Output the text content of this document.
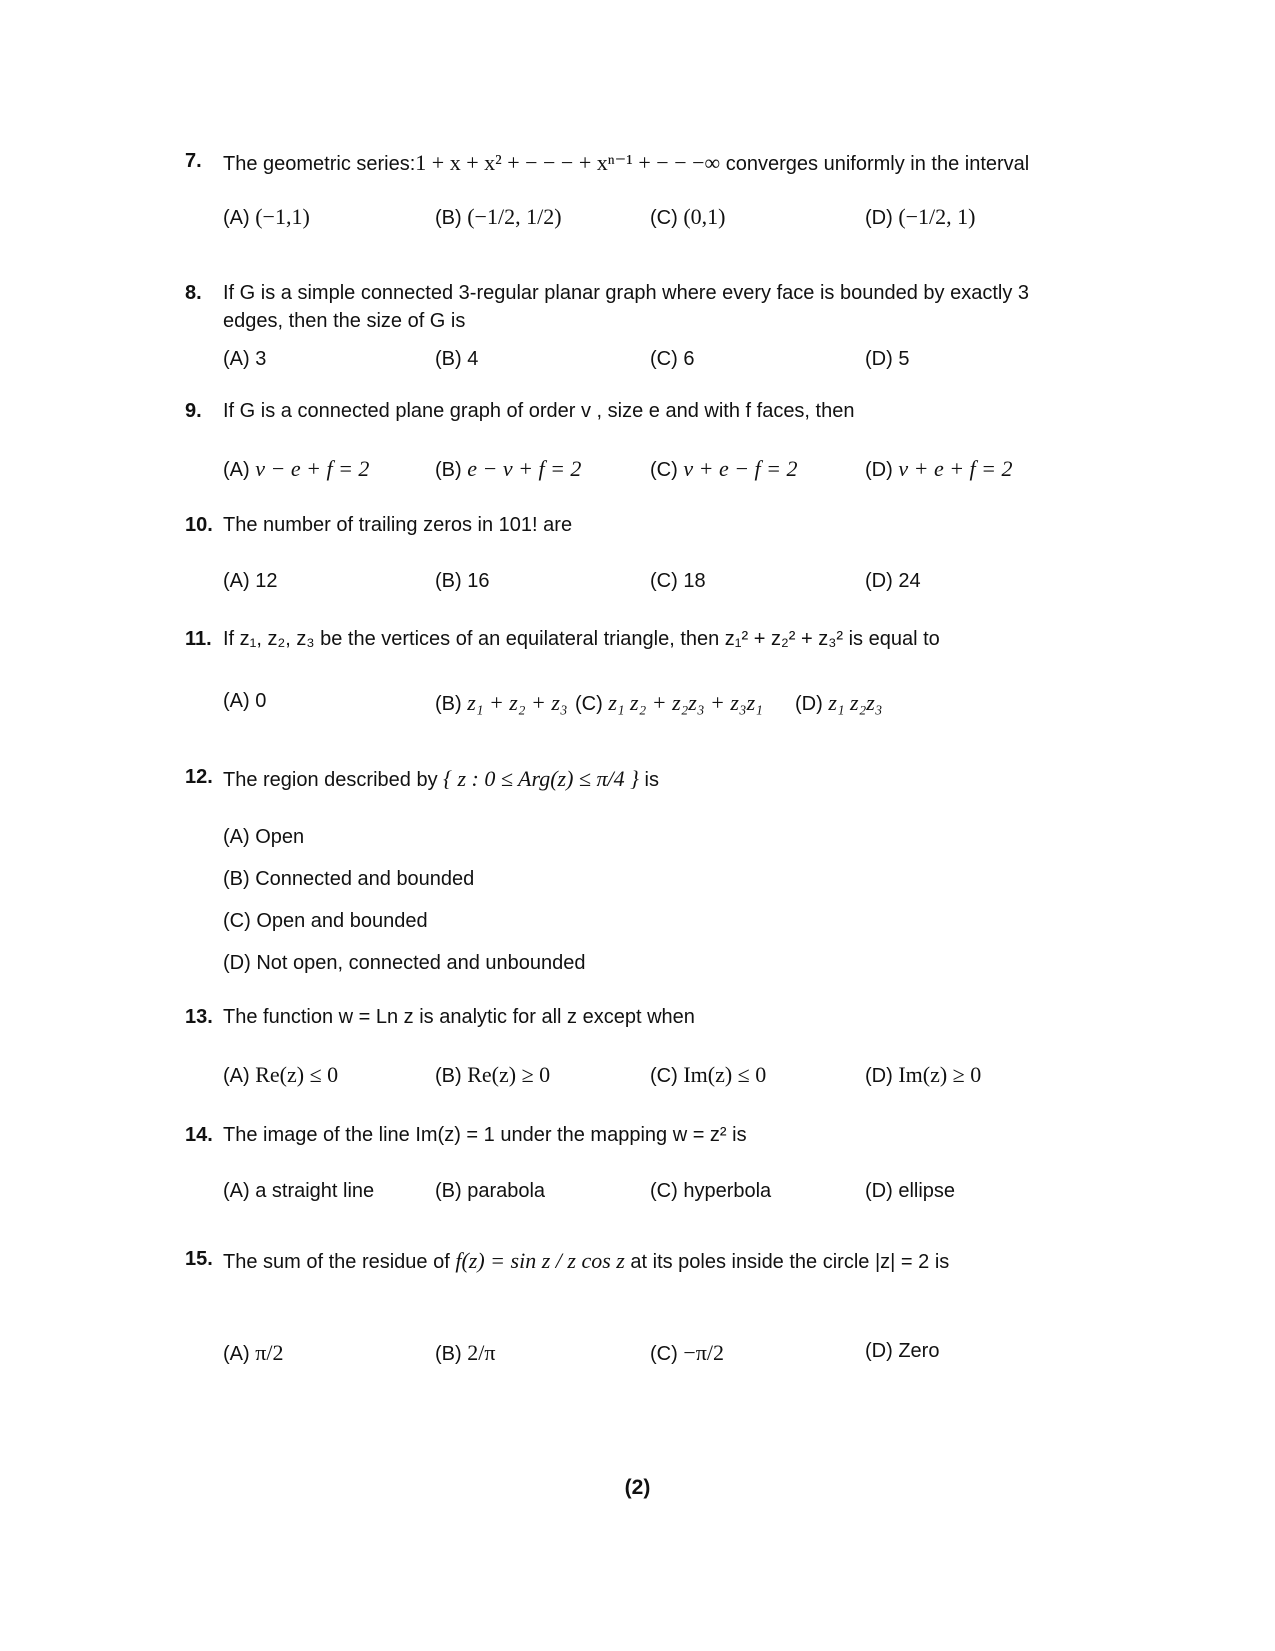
7. The geometric series:1 + x + x² + − − − + xⁿ⁻¹ + − − −∞ converges uniformly in the interval
(A) (−1,1)	(B) (−1/2, 1/2)	(C) (0,1)	(D) (−1/2, 1)
8. If G is a simple connected 3-regular planar graph where every face is bounded by exactly 3
edges, then the size of G is
(A) 3	(B) 4	(C) 6	(D) 5
9. If G is a connected plane graph of order v , size e and with f faces, then
(A) v − e + f = 2	(B) e − v + f = 2	(C) v + e − f = 2	(D) v + e + f = 2
10. The number of trailing zeros in 101! are
(A) 12	(B) 16	(C) 18	(D) 24
11. If z₁, z₂, z₃ be the vertices of an equilateral triangle, then z₁² + z₂² + z₃² is equal to
(A) 0	(B) z₁ + z₂ + z₃ (C) z₁ z₂ + z₂z₃ + z₃z₁ (D) z₁ z₂z₃
12. The region described by { z : 0 ≤ Arg(z) ≤ π/4 } is
(A) Open
(B) Connected and bounded
(C) Open and bounded
(D) Not open, connected and unbounded
13. The function w = Ln z is analytic for all z except when
(A) Re(z) ≤ 0	(B) Re(z) ≥ 0	(C) Im(z) ≤ 0	(D) Im(z) ≥ 0
14. The image of the line Im(z) = 1 under the mapping w = z² is
(A) a straight line	(B) parabola	(C) hyperbola	(D) ellipse
15. The sum of the residue of f(z) = sin z / z cos z at its poles inside the circle |z| = 2 is
(A) π/2	(B) 2/π	(C) −π/2	(D) Zero
(2)
